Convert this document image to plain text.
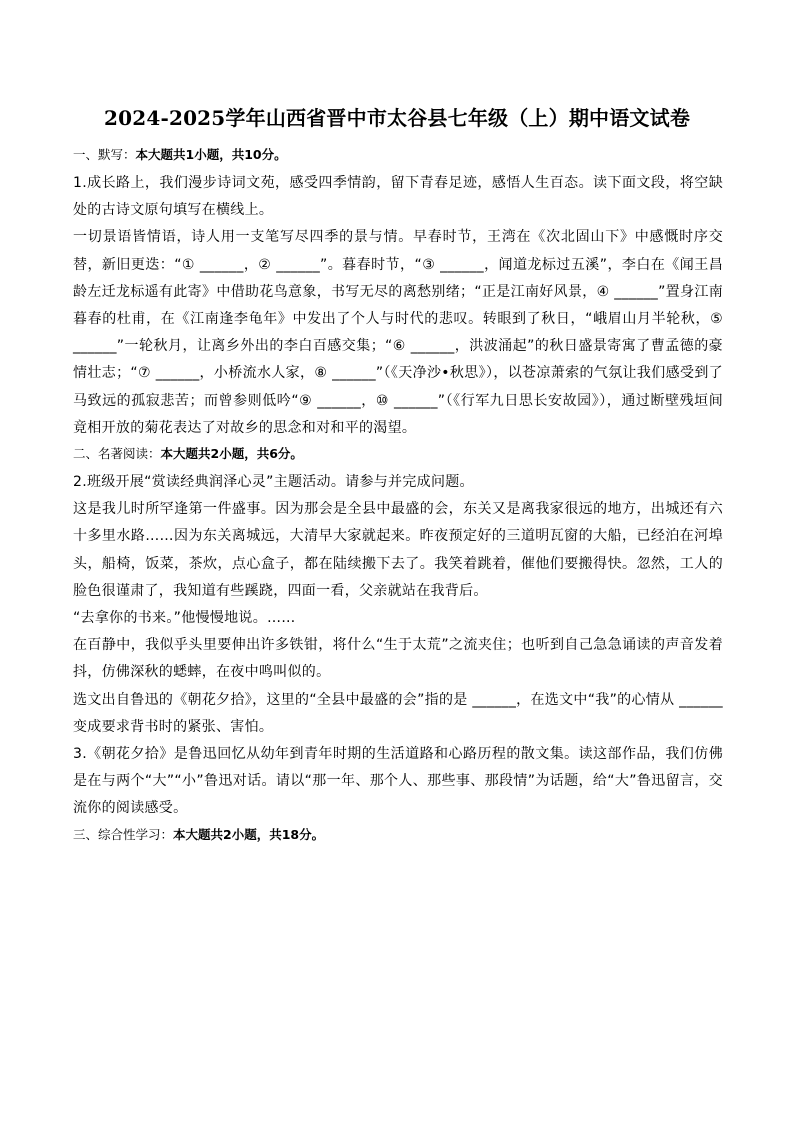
2024-2025学年山西省晋中市太谷县七年级（上）期中语文试卷
一、默写：本大题共1小题，共10分。

1.成长路上，我们漫步诗词文苑，感受四季情韵，留下青春足迹，感悟人生百态。读下面文段，将空缺处的古诗文原句填写在横线上。

一切景语皆情语，诗人用一支笔写尽四季的景与情。早春时节，王湾在《次北固山下》中感慨时序交替，新旧更迭：“① ______，② ______”。暮春时节，“③ ______，闻道龙标过五溪”，李白在《闻王昌龄左迁龙标遥有此寄》中借助花鸟意象，书写无尽的离愁别绪；“正是江南好风景，④ ______”置身江南暮春的杜甫，在《江南逢李龟年》中发出了个人与时代的悲叹。转眼到了秋日，“峨眉山月半轮秋，⑤ ______”一轮秋月，让离乡外出的李白百感交集；“⑥ ______，洪波涌起”的秋日盛景寄寓了曹孟德的豪情壮志；“⑦ ______，小桥流水人家，⑧ ______”（《天净沙•秋思》），以苍凉萧索的气氛让我们感受到了马致远的孤寂悲苦；而曾参则低吟“⑨ ______，⑩ ______”（《行军九日思长安故园》），通过断壁残垣间竟相开放的菊花表达了对故乡的思念和对和平的渴望。

二、名著阅读：本大题共2小题，共6分。

2.班级开展“赏读经典润泽心灵”主题活动。请参与并完成问题。

这是我儿时所罕逢第一件盛事。因为那会是全县中最盛的会，东关又是离我家很远的地方，出城还有六十多里水路……因为东关离城远，大清早大家就起来。昨夜预定好的三道明瓦窗的大船，已经泊在河埠头，船椅，饭菜，茶炊，点心盒子，都在陆续搬下去了。我笑着跳着，催他们要搬得快。忽然，工人的脸色很谨肃了，我知道有些蹊跷，四面一看，父亲就站在我背后。

“去拿你的书来。”他慢慢地说。……

在百静中，我似乎头里要伸出许多铁钳，将什么“生于太荒”之流夹住；也听到自己急急诵读的声音发着抖，仿佛深秋的蟋蟀，在夜中鸣叫似的。

选文出自鲁迅的《朝花夕拾》，这里的“全县中最盛的会”指的是 ______，在选文中“我”的心情从 ______变成要求背书时的紧张、害怕。

3.《朝花夕拾》是鲁迅回忆从幼年到青年时期的生活道路和心路历程的散文集。读这部作品，我们仿佛是在与两个“大”“小”鲁迅对话。请以“那一年、那个人、那些事、那段情”为话题，给“大”鲁迅留言，交流你的阅读感受。

三、综合性学习：本大题共2小题，共18分。
